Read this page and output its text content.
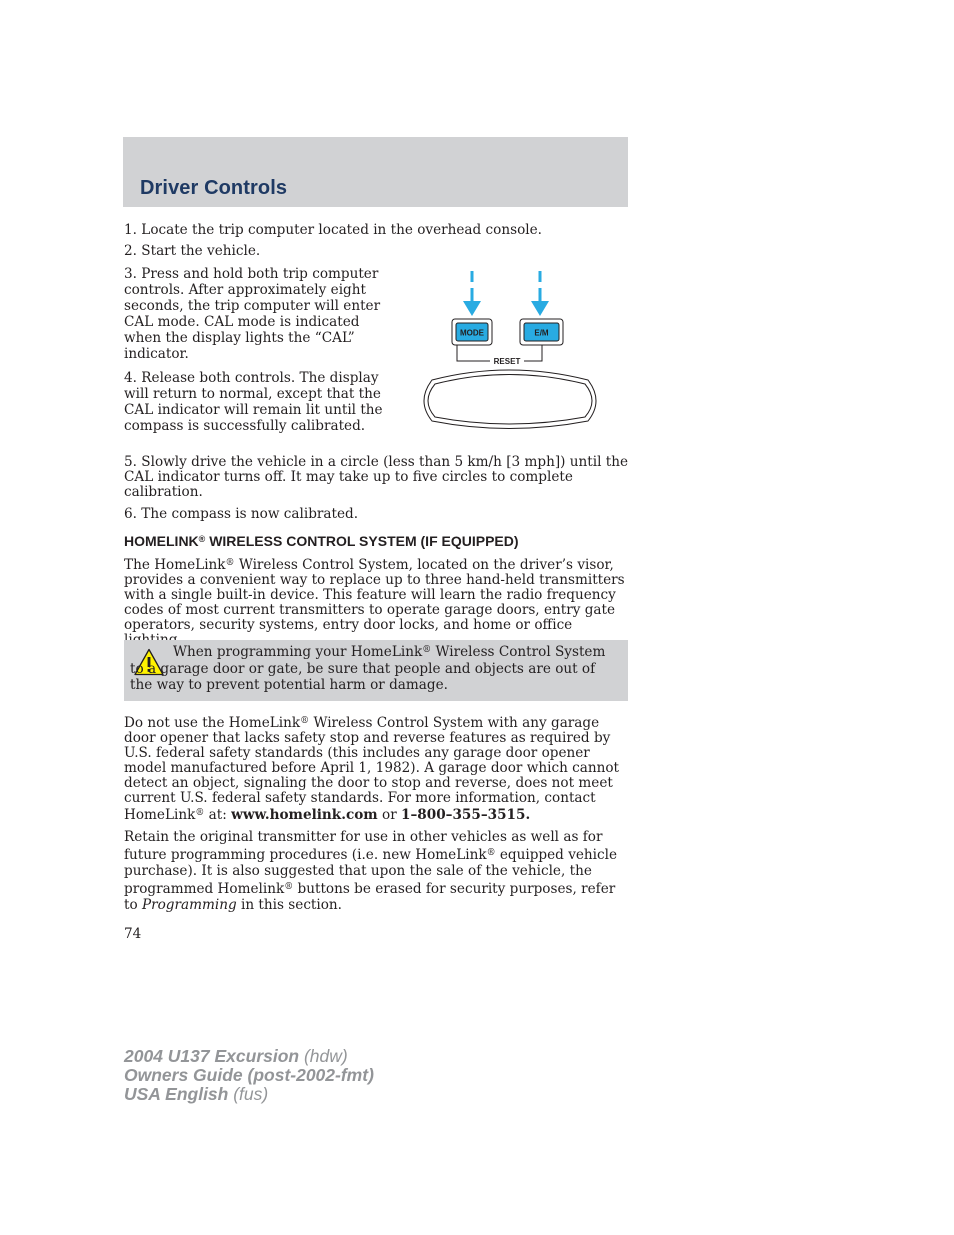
Driver Controls

1. Locate the trip computer located in the overhead console.

2. Start the vehicle.

3. Press and hold both trip computer controls. After approximately eight seconds, the trip computer will enter CAL mode. CAL mode is indicated when the display lights the “CAL” indicator.

4. Release both controls. The display will return to normal, except that the CAL indicator will remain lit until the compass is successfully calibrated.

5. Slowly drive the vehicle in a circle (less than 5 km/h [3 mph]) until the CAL indicator turns off. It may take up to five circles to complete calibration.

6. The compass is now calibrated.

MODE	E/M
RESET
HOMELINK® WIRELESS CONTROL SYSTEM (IF EQUIPPED)

The HomeLink® Wireless Control System, located on the driver’s visor, provides a convenient way to replace up to three hand-held transmitters with a single built-in device. This feature will learn the radio frequency codes of most current transmitters to operate garage doors, entry gate operators, security systems, entry door locks, and home or office

When programming your HomeLink® Wireless Control System to a garage door or gate, be sure that people and objects are out of the way to prevent potential harm or damage.

Do not use the HomeLink® Wireless Control System with any garage door opener that lacks safety stop and reverse features as required by U.S. federal safety standards (this includes any garage door opener model manufactured before April 1, 1982). A garage door which cannot detect an object, signaling the door to stop and reverse, does not meet current U.S. federal safety standards. For more information, contact HomeLink® at: www.homelink.com or 1–800–355–3515.

Retain the original transmitter for use in other vehicles as well as for future programming procedures (i.e. new HomeLink® equipped vehicle purchase). It is also suggested that upon the sale of the vehicle, the programmed Homelink® buttons be erased for security purposes, refer to Programming in this section.

74

2004 U137 Excursion (hdw)
Owners Guide (post-2002-fmt)
USA English (fus)
